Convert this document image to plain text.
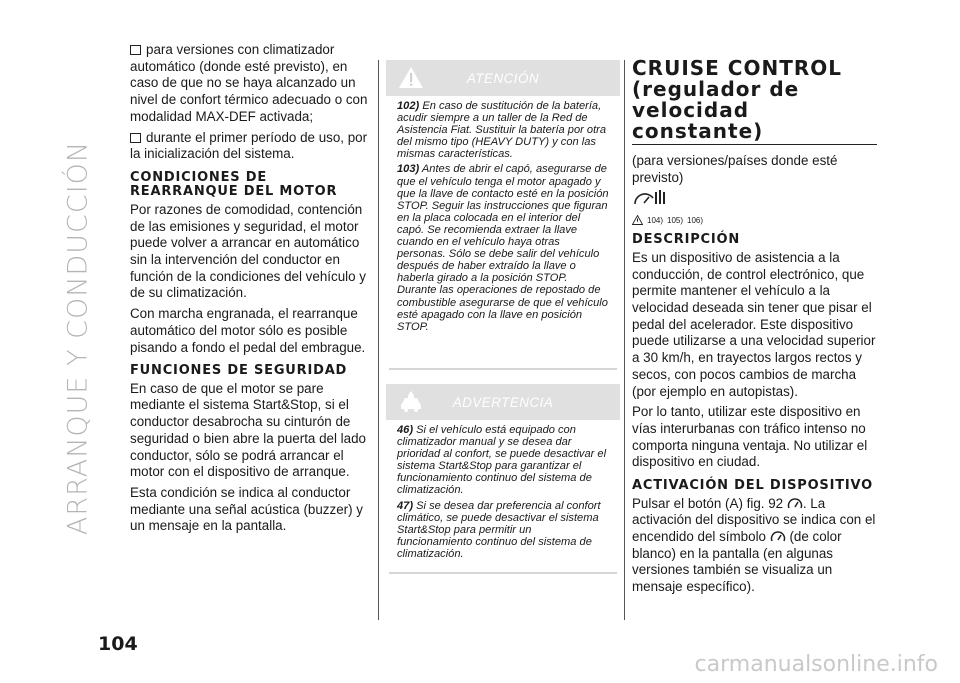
ARRANQUE Y CONDUCCIÓN

para versiones con climatizador automático (donde esté previsto), en caso de que no se haya alcanzado un nivel de confort térmico adecuado o con modalidad MAX-DEF activada;

durante el primer período de uso, por la inicialización del sistema.

CONDICIONES DE REARRANQUE DEL MOTOR

Por razones de comodidad, contención de las emisiones y seguridad, el motor puede volver a arrancar en automático sin la intervención del conductor en función de la condiciones del vehículo y de su climatización.

Con marcha engranada, el rearranque automático del motor sólo es posible pisando a fondo el pedal del embrague.

FUNCIONES DE SEGURIDAD

En caso de que el motor se pare mediante el sistema Start&Stop, si el conductor desabrocha su cinturón de seguridad o bien abre la puerta del lado conductor, sólo se podrá arrancar el motor con el dispositivo de arranque.

Esta condición se indica al conductor mediante una señal acústica (buzzer) y un mensaje en la pantalla.

ATENCIÓN
102) En caso de sustitución de la batería, acudir siempre a un taller de la Red de Asistencia Fiat. Sustituir la batería por otra del mismo tipo (HEAVY DUTY) y con las mismas características.
103) Antes de abrir el capó, asegurarse de que el vehículo tenga el motor apagado y que la llave de contacto esté en la posición STOP. Seguir las instrucciones que figuran en la placa colocada en el interior del capó. Se recomienda extraer la llave cuando en el vehículo haya otras personas. Sólo se debe salir del vehículo después de haber extraído la llave o haberla girado a la posición STOP. Durante las operaciones de repostado de combustible asegurarse de que el vehículo esté apagado con la llave en posición STOP.
ADVERTENCIA
46) Si el vehículo está equipado con climatizador manual y se desea dar prioridad al confort, se puede desactivar el sistema Start&Stop para garantizar el funcionamiento continuo del sistema de climatización.
47) Si se desea dar preferencia al confort climático, se puede desactivar el sistema Start&Stop para permitir un funcionamiento continuo del sistema de climatización.
CRUISE CONTROL (regulador de velocidad constante)

(para versiones/países donde esté previsto)

104) 105) 106)
DESCRIPCIÓN

Es un dispositivo de asistencia a la conducción, de control electrónico, que permite mantener el vehículo a la velocidad deseada sin tener que pisar el pedal del acelerador. Este dispositivo puede utilizarse a una velocidad superior a 30 km/h, en trayectos largos rectos y secos, con pocos cambios de marcha (por ejemplo en autopistas).

Por lo tanto, utilizar este dispositivo en vías interurbanas con tráfico intenso no comporta ninguna ventaja. No utilizar el dispositivo en ciudad.

ACTIVACIÓN DEL DISPOSITIVO

Pulsar el botón (A) fig. 92 . La activación del dispositivo se indica con el encendido del símbolo (de color blanco) en la pantalla (en algunas versiones también se visualiza un mensaje específico).

104
carmanualsonline.info
